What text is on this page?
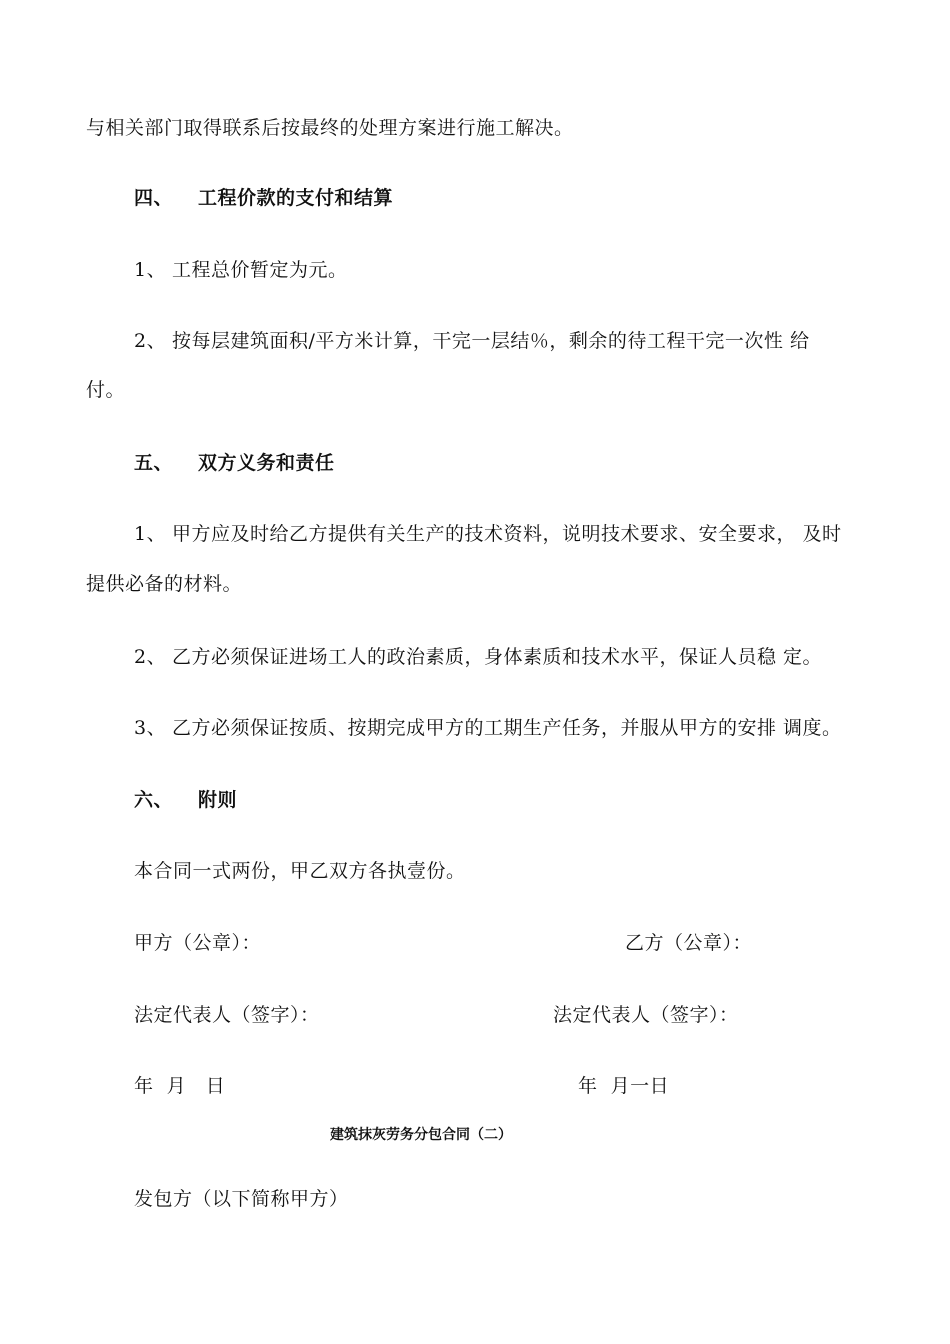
与相关部门取得联系后按最终的处理方案进行施工解决。
四、 工程价款的支付和结算
1、 工程总价暂定为元。
2、 按每层建筑面积/平方米计算，干完一层结％，剩余的待工程干完一次性 给
付。
五、 双方义务和责任
1、 甲方应及时给乙方提供有关生产的技术资料，说明技术要求、安全要求， 及时
提供必备的材料。
2、 乙方必须保证进场工人的政治素质，身体素质和技术水平，保证人员稳 定。
3、 乙方必须保证按质、按期完成甲方的工期生产任务，并服从甲方的安排 调度。
六、 附则
本合同一式两份，甲乙双方各执壹份。
甲方（公章）：	乙方（公章）：
法定代表人（签字）：	法定代表人（签字）：
年  月   日	年  月一日
建筑抹灰劳务分包合同（二）
发包方（以下简称甲方）
